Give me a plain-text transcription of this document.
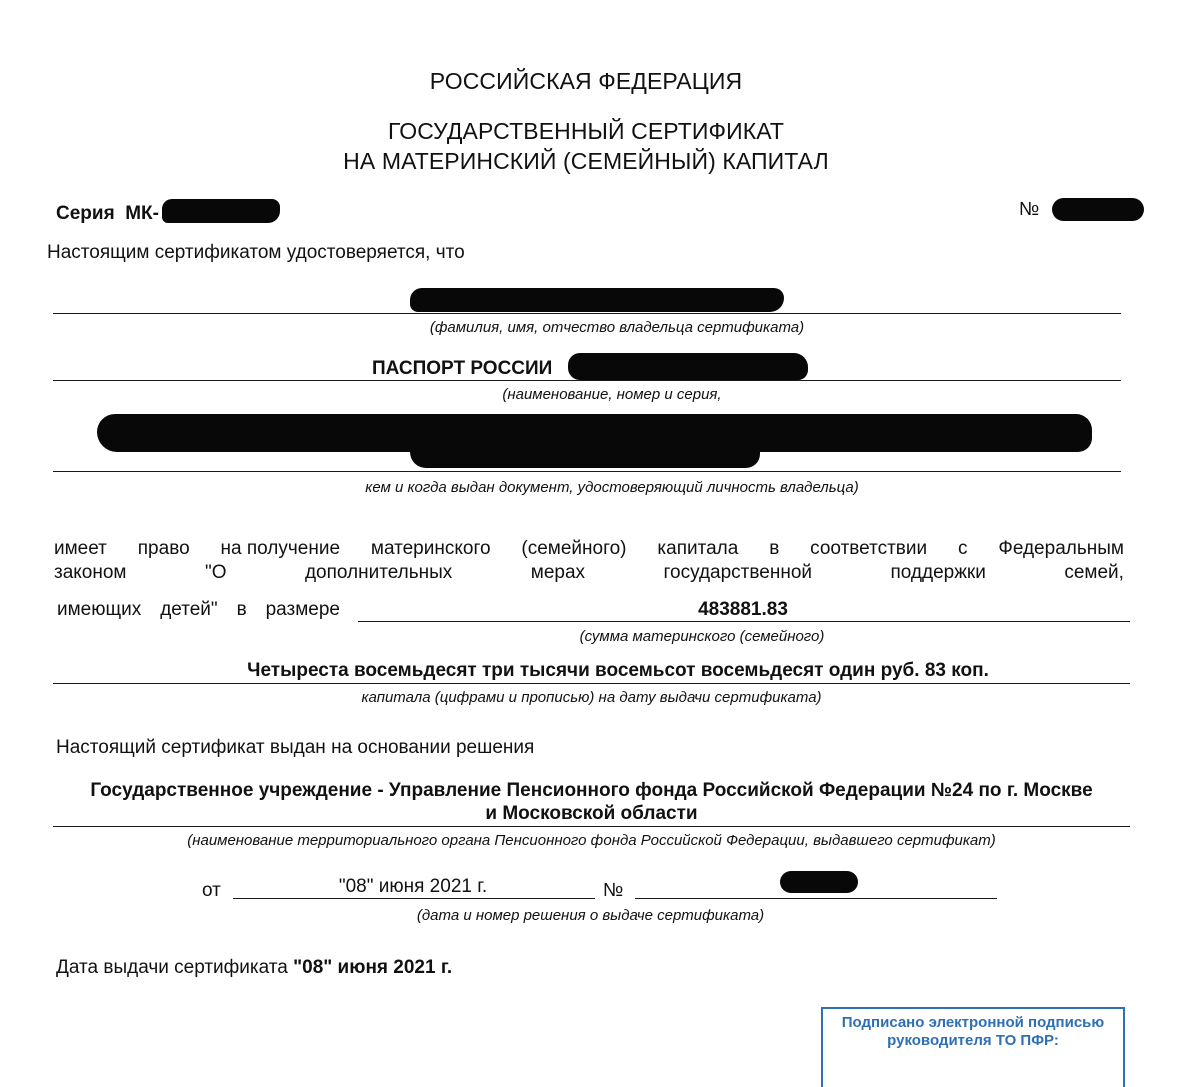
РОССИЙСКАЯ ФЕДЕРАЦИЯ
ГОСУДАРСТВЕННЫЙ СЕРТИФИКАТ
НА МАТЕРИНСКИЙ (СЕМЕЙНЫЙ) КАПИТАЛ
Серия МК-	№
Настоящим сертификатом удостоверяется, что
(фамилия, имя, отчество владельца сертификата)
ПАСПОРТ РОССИИ
(наименование, номер и серия,
кем и когда выдан документ, удостоверяющий личность владельца)
имеет право на получение материнского (семейного) капитала в соответствии с Федеральным
законом	"О	дополнительных	мерах	государственной	поддержки	семей,
имеющих детей" в размере	483881.83
(сумма материнского (семейного)
Четыреста восемьдесят три тысячи восемьсот восемьдесят один руб. 83 коп.
капитала (цифрами и прописью) на дату выдачи сертификата)
Настоящий сертификат выдан на основании решения
Государственное учреждение - Управление Пенсионного фонда Российской Федерации №24 по г. Москве
и Московской области
(наименование территориального органа Пенсионного фонда Российской Федерации, выдавшего сертификат)
от	"08" июня 2021 г.	№
(дата и номер решения о выдаче сертификата)
Дата выдачи сертификата "08" июня 2021 г.
Подписано электронной подписью
руководителя ТО ПФР:
